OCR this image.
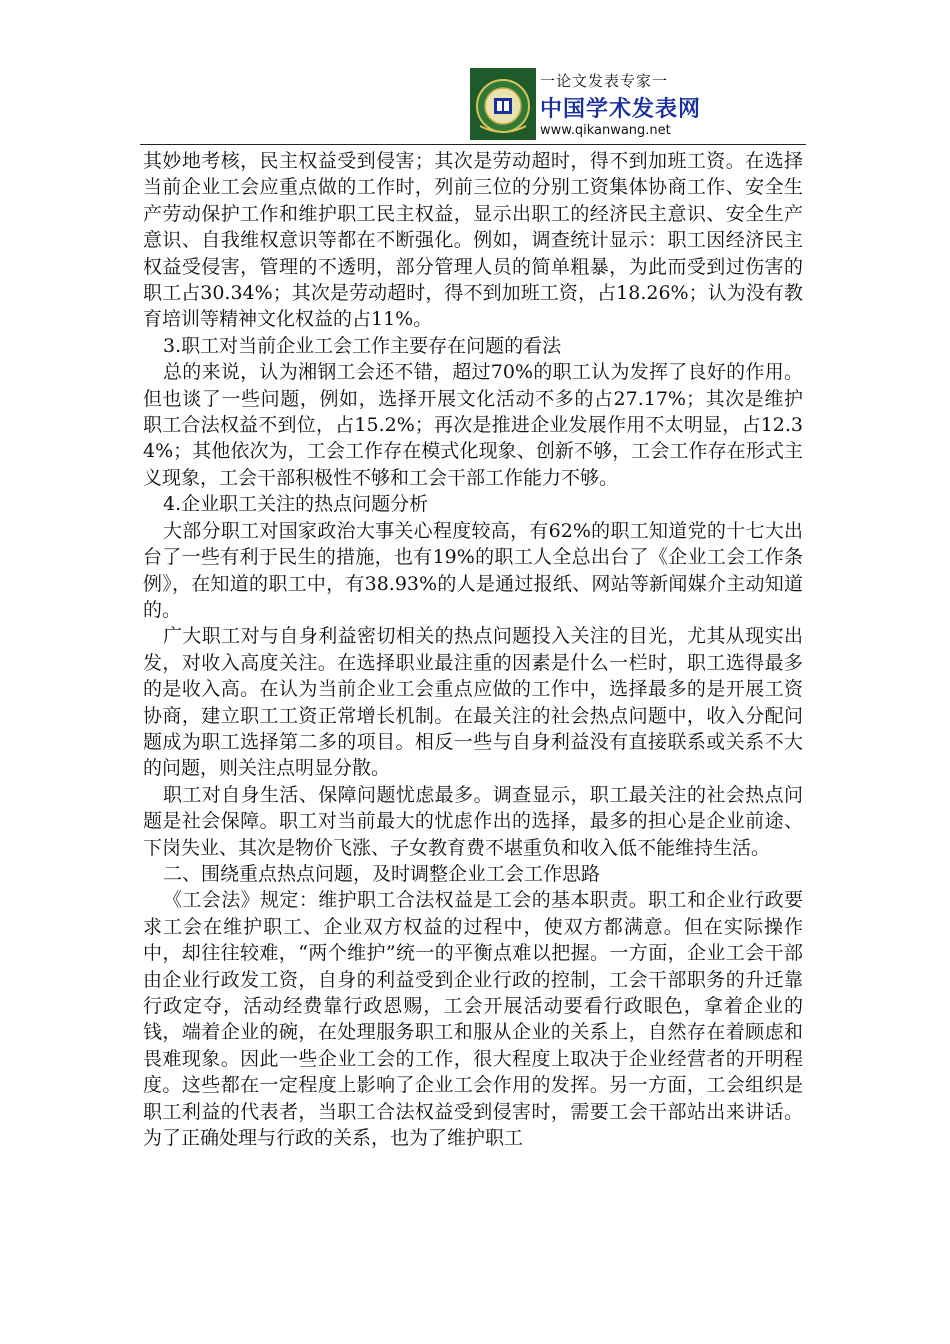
一论文发表专家一
中国学术发表网
www.qikanwang.net

其妙地考核，民主权益受到侵害；其次是劳动超时，得不到加班工资。在选择当前企业工会应重点做的工作时，列前三位的分别工资集体协商工作、安全生产劳动保护工作和维护职工民主权益，显示出职工的经济民主意识、安全生产意识、自我维权意识等都在不断强化。例如，调查统计显示：职工因经济民主权益受侵害，管理的不透明，部分管理人员的简单粗暴，为此而受到过伤害的职工占30.34%；其次是劳动超时，得不到加班工资，占18.26%；认为没有教育培训等精神文化权益的占11%。

3.职工对当前企业工会工作主要存在问题的看法

总的来说，认为湘钢工会还不错，超过70%的职工认为发挥了良好的作用。但也谈了一些问题，例如，选择开展文化活动不多的占27.17%；其次是维护职工合法权益不到位，占15.2%；再次是推进企业发展作用不太明显，占12.34%；其他依次为，工会工作存在模式化现象、创新不够，工会工作存在形式主义现象，工会干部积极性不够和工会干部工作能力不够。

4.企业职工关注的热点问题分析

大部分职工对国家政治大事关心程度较高，有62%的职工知道党的十七大出台了一些有利于民生的措施，也有19%的职工人全总出台了《企业工会工作条例》，在知道的职工中，有38.93%的人是通过报纸、网站等新闻媒介主动知道的。

广大职工对与自身利益密切相关的热点问题投入关注的目光，尤其从现实出发，对收入高度关注。在选择职业最注重的因素是什么一栏时，职工选得最多的是收入高。在认为当前企业工会重点应做的工作中，选择最多的是开展工资协商，建立职工工资正常增长机制。在最关注的社会热点问题中，收入分配问题成为职工选择第二多的项目。相反一些与自身利益没有直接联系或关系不大的问题，则关注点明显分散。

职工对自身生活、保障问题忧虑最多。调查显示，职工最关注的社会热点问题是社会保障。职工对当前最大的忧虑作出的选择，最多的担心是企业前途、下岗失业、其次是物价飞涨、子女教育费不堪重负和收入低不能维持生活。

二、围绕重点热点问题，及时调整企业工会工作思路

《工会法》规定：维护职工合法权益是工会的基本职责。职工和企业行政要求工会在维护职工、企业双方权益的过程中，使双方都满意。但在实际操作中，却往往较难，“两个维护”统一的平衡点难以把握。一方面，企业工会干部由企业行政发工资，自身的利益受到企业行政的控制，工会干部职务的升迁靠行政定夺，活动经费靠行政恩赐，工会开展活动要看行政眼色，拿着企业的钱，端着企业的碗，在处理服务职工和服从企业的关系上，自然存在着顾虑和畏难现象。因此一些企业工会的工作，很大程度上取决于企业经营者的开明程度。这些都在一定程度上影响了企业工会作用的发挥。另一方面，工会组织是职工利益的代表者，当职工合法权益受到侵害时，需要工会干部站出来讲话。为了正确处理与行政的关系，也为了维护职工
